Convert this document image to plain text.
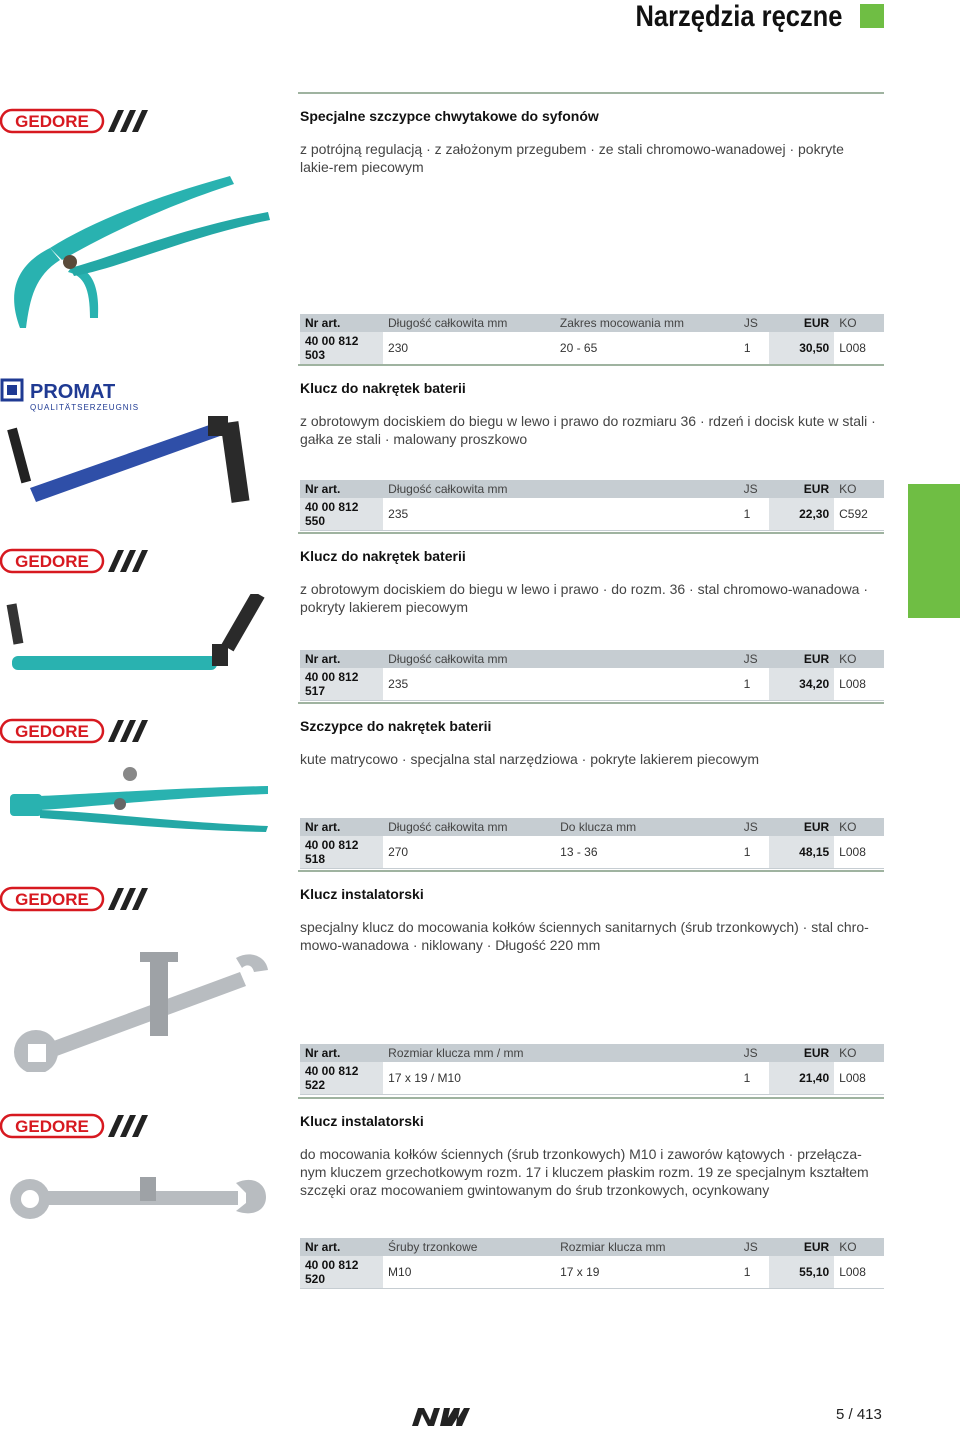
Narzędzia ręczne
GEDORE	Specjalne szczypce chwytakowe do syfonów
z potrójną regulacją · z założonym przegubem · ze stali chromowo-wanadowej · pokryte lakie-rem piecowym
Nr art.	Długość całkowita mm	Zakres mocowania mm	JS	EUR	KO
40 00 812 503	230	20 - 65	1	30,50	L008
PROMAT
QUALITÄTSERZEUGNIS
Klucz do nakrętek baterii
z obrotowym dociskiem do biegu w lewo i prawo do rozmiaru 36 · rdzeń i docisk kute w stali · gałka ze stali · malowany proszkowo
Nr art.	Długość całkowita mm		JS	EUR	KO
40 00 812 550	235		1	22,30	C592
GEDORE	Klucz do nakrętek baterii
z obrotowym dociskiem do biegu w lewo i prawo · do rozm. 36 · stal chromowo-wanadowa · pokryty lakierem piecowym
Nr art.	Długość całkowita mm		JS	EUR	KO
40 00 812 517	235		1	34,20	L008
GEDORE	Szczypce do nakrętek baterii
kute matrycowo · specjalna stal narzędziowa · pokryte lakierem piecowym
Nr art.	Długość całkowita mm	Do klucza mm	JS	EUR	KO
40 00 812 518	270	13 - 36	1	48,15	L008
GEDORE	Klucz instalatorski
specjalny klucz do mocowania kołków ściennych sanitarnych (śrub trzonkowych) · stal chro-mowo-wanadowa · niklowany · Długość 220 mm
Nr art.	Rozmiar klucza mm / mm		JS	EUR	KO
40 00 812 522	17 x 19 / M10		1	21,40	L008
GEDORE	Klucz instalatorski
do mocowania kołków ściennych (śrub trzonkowych) M10 i zaworów kątowych · przełącza-nym kluczem grzechotkowym rozm. 17 i kluczem płaskim rozm. 19 ze specjalnym kształtem szczęki oraz mocowaniem gwintowanym do śrub trzonkowych, ocynkowany
Nr art.	Śruby trzonkowe	Rozmiar klucza mm	JS	EUR	KO
40 00 812 520	M10	17 x 19	1	55,10	L008
5 / 413
